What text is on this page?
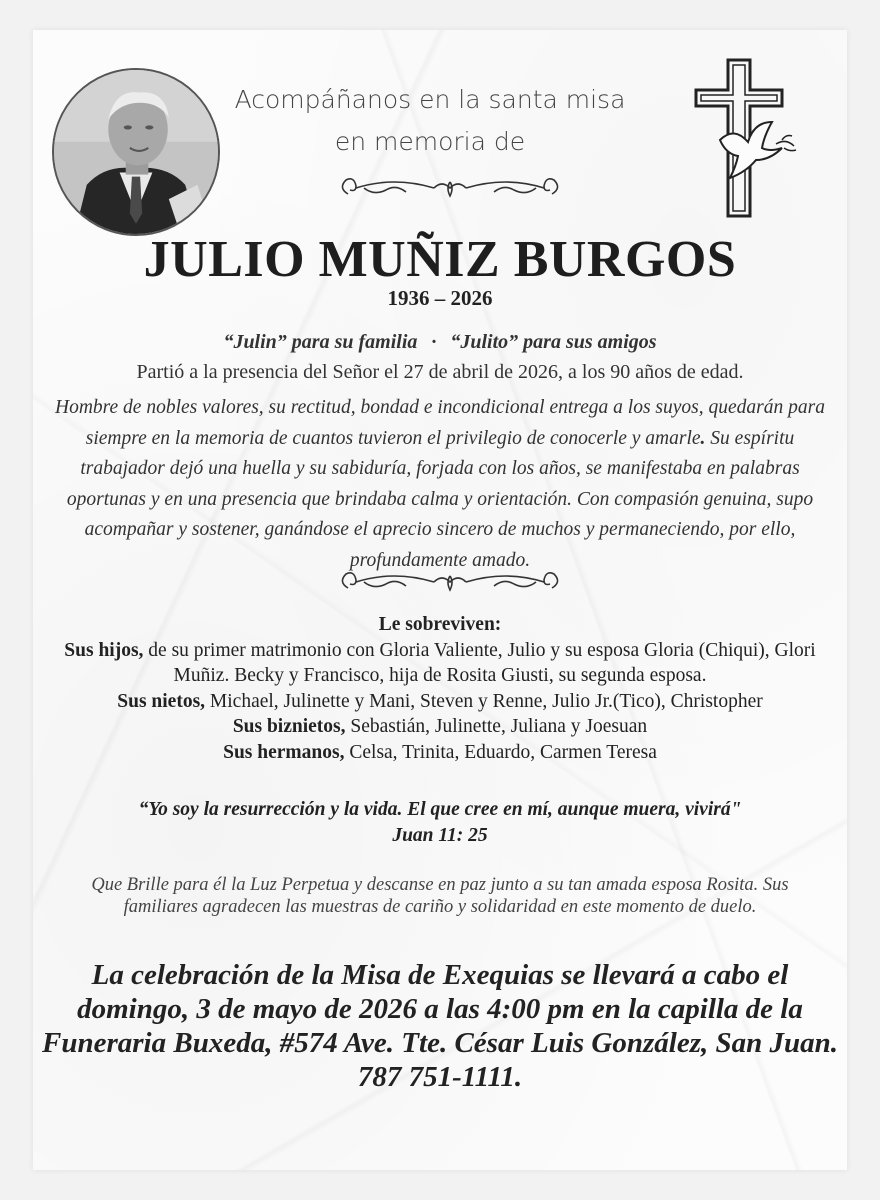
Acompáñanos en la santa misa
en memoria de
JULIO MUÑIZ BURGOS
1936 – 2026
“Julin” para su familia · “Julito” para sus amigos
Partió a la presencia del Señor el 27 de abril de 2026, a los 90 años de edad.
Hombre de nobles valores, su rectitud, bondad e incondicional entrega a los suyos, quedarán para siempre en la memoria de cuantos tuvieron el privilegio de conocerle y amarle. Su espíritu trabajador dejó una huella y su sabiduría, forjada con los años, se manifestaba en palabras oportunas y en una presencia que brindaba calma y orientación. Con compasión genuina, supo acompañar y sostener, ganándose el aprecio sincero de muchos y permaneciendo, por ello, profundamente amado.
Le sobreviven:
Sus hijos, de su primer matrimonio con Gloria Valiente, Julio y su esposa Gloria (Chiqui), Glori Muñiz. Becky y Francisco, hija de Rosita Giusti, su segunda esposa.
Sus nietos, Michael, Julinette y Mani, Steven y Renne, Julio Jr.(Tico), Christopher
Sus biznietos, Sebastián, Julinette, Juliana y Joesuan
Sus hermanos, Celsa, Trinita, Eduardo, Carmen Teresa
“Yo soy la resurrección y la vida. El que cree en mí, aunque muera, vivirá"
Juan 11: 25
Que Brille para él la Luz Perpetua y descanse en paz junto a su tan amada esposa Rosita. Sus familiares agradecen las muestras de cariño y solidaridad en este momento de duelo.
La celebración de la Misa de Exequias se llevará a cabo el domingo, 3 de mayo de 2026 a las 4:00 pm en la capilla de la Funeraria Buxeda, #574 Ave. Tte. César Luis González, San Juan. 787 751-1111.
